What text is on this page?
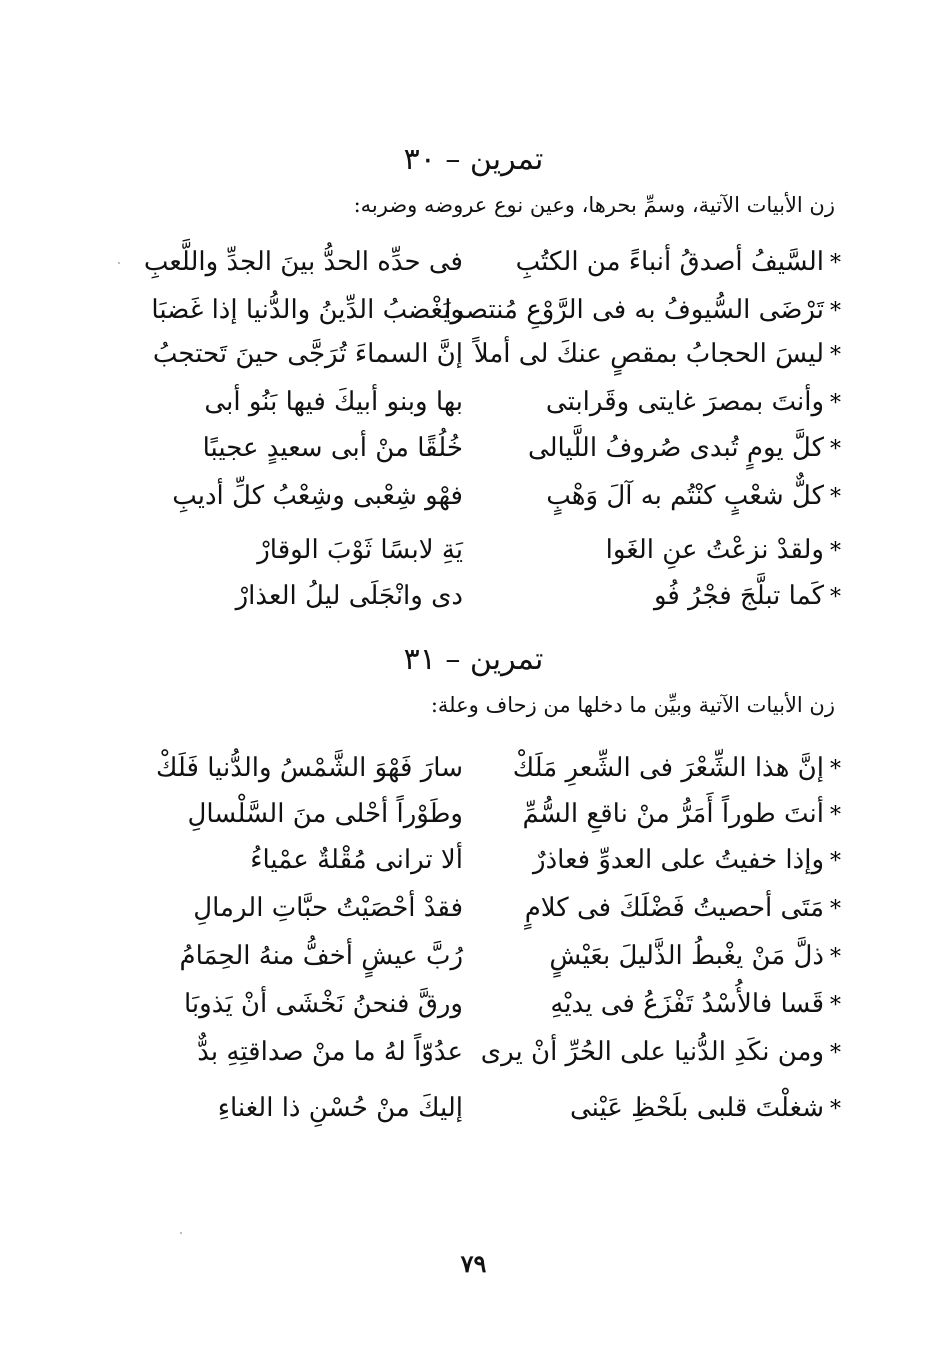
تمرين – ٣٠
زن الأبيات الآتية، وسمِّ بحرها، وعين نوع عروضه وضربه:
*السَّيفُ أصدقُ أنباءً من الكتُبِ
فى حدِّه الحدُّ بينَ الجدِّ واللَّعبِ
*تَرْضَى السُّيوفُ به فى الرَّوْعِ مُنتصرا
ويَغْضبُ الدِّينُ والدُّنيا إذا غَضبَا
*ليسَ الحجابُ بمقصٍ عنكَ لى أملاً
إنَّ السماءَ تُرَجَّى حينَ تَحتجبُ
*وأنتَ بمصرَ غايتى وقَرابتى
بها وبنو أبيكَ فيها بَنُو أبى
*كلَّ يومٍ تُبدى صُروفُ اللَّيالى
خُلُقًا منْ أبى سعيدٍ عجيبًا
*كلٌّ شعْبٍ كنْتُم به آلَ وَهْبٍ
فهْو شِعْبى وشِعْبُ كلِّ أديبِ
*ولقدْ نزعْتُ عنِ الغَوا
يَةِ لابسًا ثَوْبَ الوقارْ
*كَما تبلَّجَ فجْرُ فُو
دى وانْجَلَى ليلُ العذارْ
تمرين – ٣١
زن الأبيات الآتية وبيِّن ما دخلها من زحاف وعلة:
*إنَّ هذا الشِّعْرَ فى الشِّعرِ مَلَكْ
سارَ فَهْوَ الشَّمْسُ والدُّنيا فَلَكْ
*أنتَ طوراً أَمَرُّ منْ ناقعِ السُّمِّ
وطَوْراً أحْلى منَ السَّلْسالِ
*وإذا خفيتُ على العدوِّ فعاذرٌ
ألا ترانى مُقْلةٌ عمْياءُ
*مَتَى أحصيتُ فَضْلَكَ فى كلامٍ
فقدْ أحْصَيْتُ حبَّاتِ الرمالِ
*ذلَّ مَنْ يغْبطُ الذَّليلَ بعَيْشٍ
رُبَّ عيشٍ أخفُّ منهُ الحِمَامُ
*قَسا فالأُسْدُ تَفْزَعُ فى يديْهِ
ورقَّ فنحنُ نَخْشَى أنْ يَذوبَا
*ومن نكَدِ الدُّنيا على الحُرِّ أنْ يرى
عدُوّاً لهُ ما منْ صداقتِهِ بدٌّ
*شغلْتَ قلبى بلَحْظِ عَيْنى
إليكَ منْ حُسْنِ ذا الغناءِ
٧٩
